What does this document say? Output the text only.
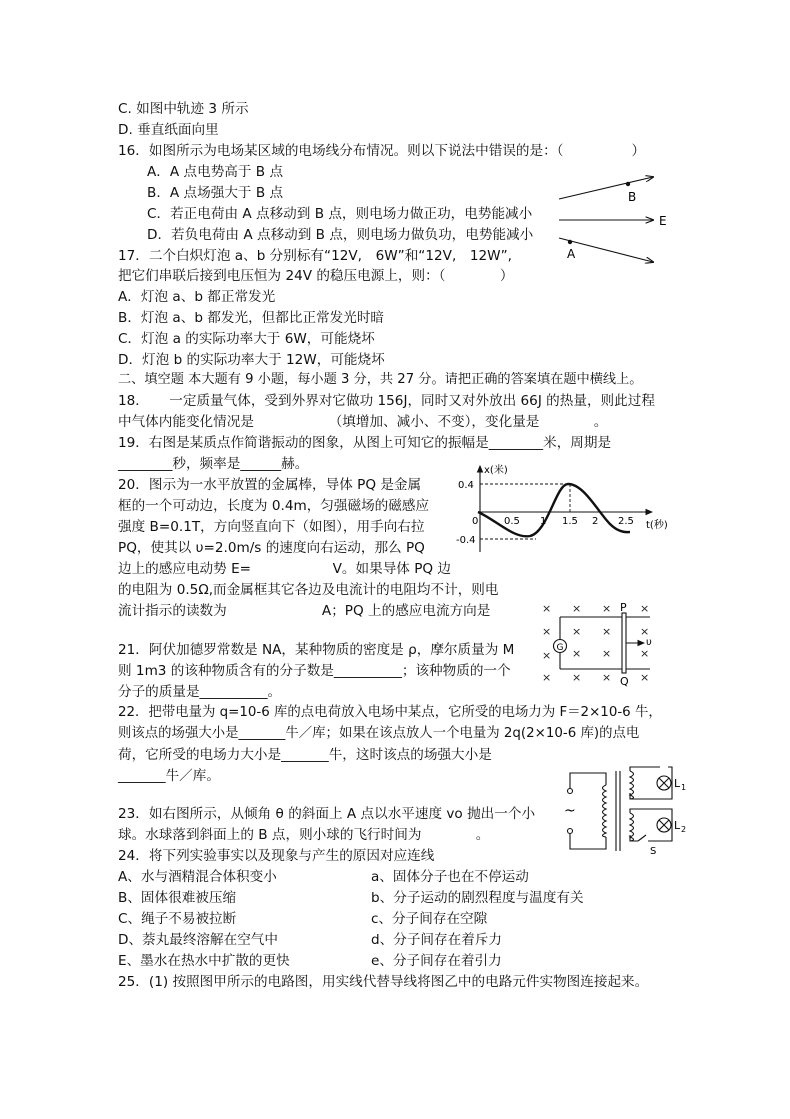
C. 如图中轨迹 3 所示
D. 垂直纸面向里
16．如图所示为电场某区域的电场线分布情况。则以下说法中错误的是：（　　　　　）
A．A 点电势高于 B 点
B．A 点场强大于 B 点
C．若正电荷由 A 点移动到 B 点，则电场力做正功，电势能减小
D．若负电荷由 A 点移动到 B 点，则电场力做负功，电势能减小
17．二个白炽灯泡 a、b 分别标有“12V,　6W”和“12V,　12W”,
把它们串联后接到电压恒为 24V 的稳压电源上，则：（　　　　）
A．灯泡 a、b 都正常发光
B．灯泡 a、b 都发光，但都比正常发光时暗
C．灯泡 a 的实际功率大于 6W，可能烧坏
D．灯泡 b 的实际功率大于 12W，可能烧坏
二、填空题 本大题有 9 小题，每小题 3 分，共 27 分。请把正确的答案填在题中横线上。
18．　　一定质量气体，受到外界对它做功 156J，同时又对外放出 66J 的热量，则此过程
中气体内能变化情况是　　　　　　（填增加、减小、不变），变化量是　　　　。
19．右图是某质点作简谐振动的图象，从图上可知它的振幅是________米，周期是
________秒，频率是______赫。
20．图示为一水平放置的金属棒，导体 PQ 是金属
框的一个可动边，长度为 0.4m，匀强磁场的磁感应
强度 B=0.1T，方向竖直向下（如图），用手向右拉
PQ，使其以 υ=2.0m/s 的速度向右运动，那么 PQ
边上的感应电动势 E=　　　　　　V。如果导体 PQ 边
的电阻为 0.5Ω,而金属框其它各边及电流计的电阻均不计，则电
流计指示的读数为　　　　　　　A；PQ 上的感应电流方向是
21．阿伏加德罗常数是 NA，某种物质的密度是 ρ，摩尔质量为 M
则 1m3 的该种物质含有的分子数是__________；该种物质的一个
分子的质量是__________。
22．把带电量为 q=10-6 库的点电荷放入电场中某点，它所受的电场力为 F＝2×10-6 牛，
则该点的场强大小是_______牛／库；如果在该点放人一个电量为 2q(2×10-6 库)的点电
荷，它所受的电场力大小是_______牛，这时该点的场强大小是
_______牛／库。
23．如右图所示，从倾角 θ 的斜面上 A 点以水平速度 vo 抛出一个小
球。水球落到斜面上的 B 点，则小球的飞行时间为　　　　。
24．将下列实验事实以及现象与产生的原因对应连线
A、水与酒精混合体积变小	a、固体分子也在不停运动
B、固体很难被压缩	b、分子运动的剧烈程度与温度有关
C、绳子不易被拉断	c、分子间存在空隙
D、萘丸最终溶解在空气中	d、分子间存在着斥力
E、墨水在热水中扩散的更快	e、分子间存在着引力
25．(1) 按照图甲所示的电路图，用实线代替导线将图乙中的电路元件实物图连接起来。
B
E
A
x(米)
t(秒)
0.4
-0.4
0	0.5 1 1.5 2 2.5
× × ×	×
× × ×	×
× ×	×
×
× × ×	×
G
P
Q
υ
~
L 1
L 2
S
